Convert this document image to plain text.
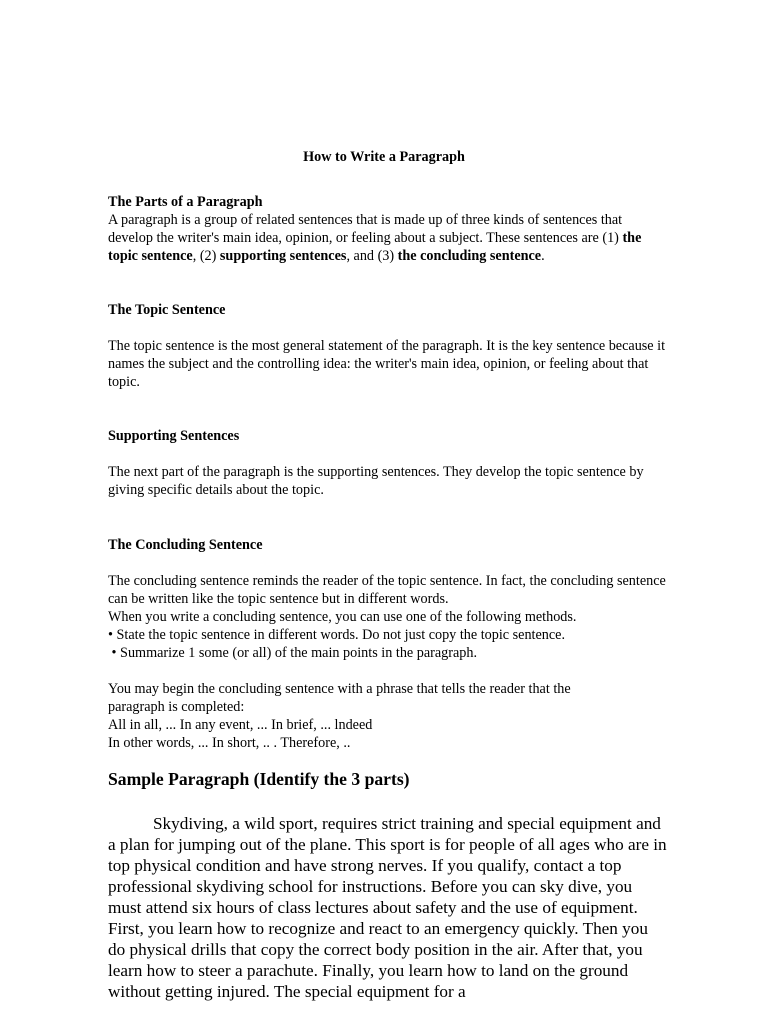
How to Write a Paragraph

The Parts of a Paragraph

A paragraph is a group of related sentences that is made up of three kinds of sentences that develop the writer's main idea, opinion, or feeling about a subject. These sentences are (1) the topic sentence, (2) supporting sentences, and (3) the concluding sentence.

The Topic Sentence

The topic sentence is the most general statement of the paragraph. It is the key sentence because it names the subject and the controlling idea: the writer's main idea, opinion, or feeling about that topic.

Supporting Sentences

The next part of the paragraph is the supporting sentences. They develop the topic sentence by giving specific details about the topic.

The Concluding Sentence

The concluding sentence reminds the reader of the topic sentence. In fact, the concluding sentence can be written like the topic sentence but in different words.

When you write a concluding sentence, you can use one of the following methods.

• State the topic sentence in different words. Do not just copy the topic sentence.

• Summarize 1 some (or all) of the main points in the paragraph.

You may begin the concluding sentence with a phrase that tells the reader that the paragraph is completed:

All in all, ... In any event, ... In brief, ... lndeed

In other words, ... In short, .. . Therefore, ..

Sample Paragraph (Identify the 3 parts)

Skydiving, a wild sport, requires strict training and special equipment and a plan for jumping out of the plane. This sport is for people of all ages who are in top physical condition and have strong nerves. If you qualify, contact a top professional skydiving school for instructions. Before you can sky dive, you must attend six hours of class lectures about safety and the use of equipment. First, you learn how to recognize and react to an emergency quickly. Then you do physical drills that copy the correct body position in the air. After that, you learn how to steer a parachute. Finally, you learn how to land on the ground without getting injured. The special equipment for a
